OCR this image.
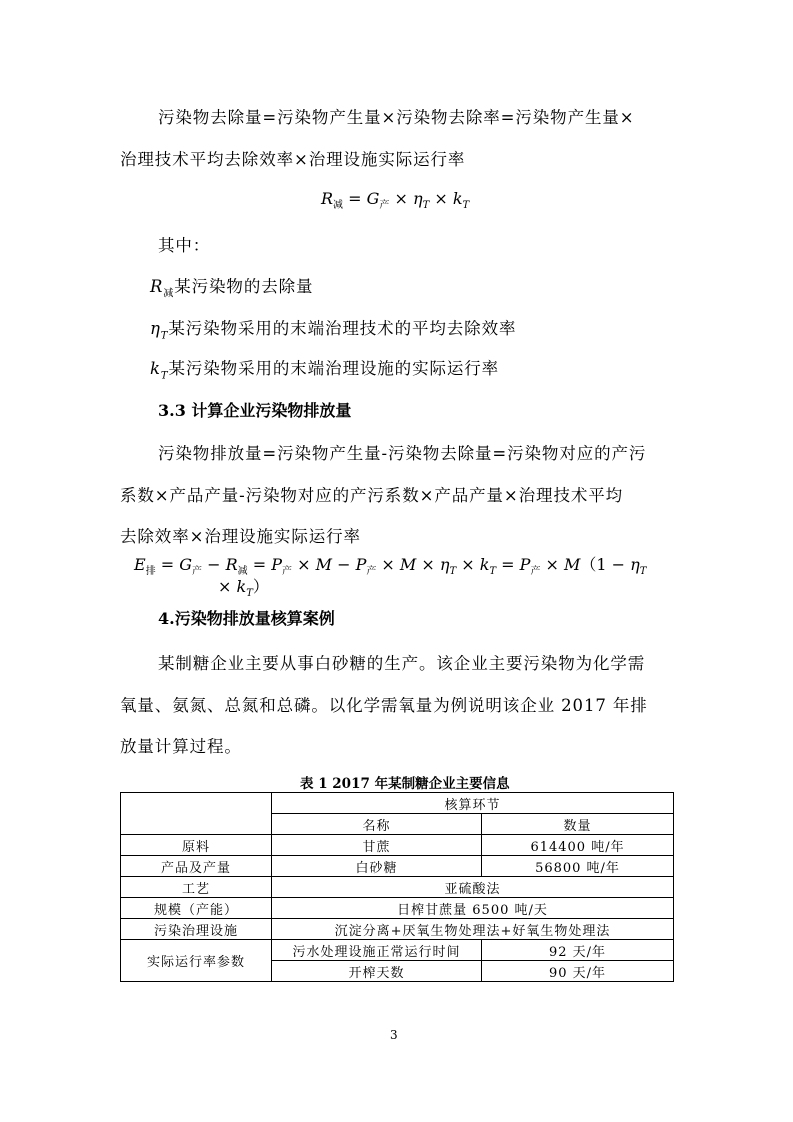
污染物去除量=污染物产生量×污染物去除率=污染物产生量×
治理技术平均去除效率×治理设施实际运行率
$R_减 = G_产 \times \eta_T \times k_T$
其中：
$R_减$某污染物的去除量
$\eta_T$某污染物采用的末端治理技术的平均去除效率
$k_T$某污染物采用的末端治理设施的实际运行率
3.3 计算企业污染物排放量
污染物排放量=污染物产生量-污染物去除量=污染物对应的产污
系数×产品产量-污染物对应的产污系数×产品产量×治理技术平均
去除效率×治理设施实际运行率
$E_排 = G_产 - R_减 = P_产 \times M - P_产 \times M \times \eta_T \times k_T = P_产 \times M(1 - \eta_T$
× $k_T$）
4.污染物排放量核算案例
某制糖企业主要从事白砂糖的生产。该企业主要污染物为化学需
氧量、氨氮、总氮和总磷。以化学需氧量为例说明该企业 2017 年排
放量计算过程。
表 1 2017 年某制糖企业主要信息
	核算环节	
	名称	数量
原料	甘蔗	614400 吨/年
产品及产量	白砂糖	56800 吨/年
工艺	亚硫酸法	
规模（产能）	日榨甘蔗量 6500 吨/天	
污染治理设施	沉淀分离+厌氧生物处理法+好氧生物处理法	
实际运行率参数	污水处理设施正常运行时间	92 天/年
	开榨天数	90 天/年
3
